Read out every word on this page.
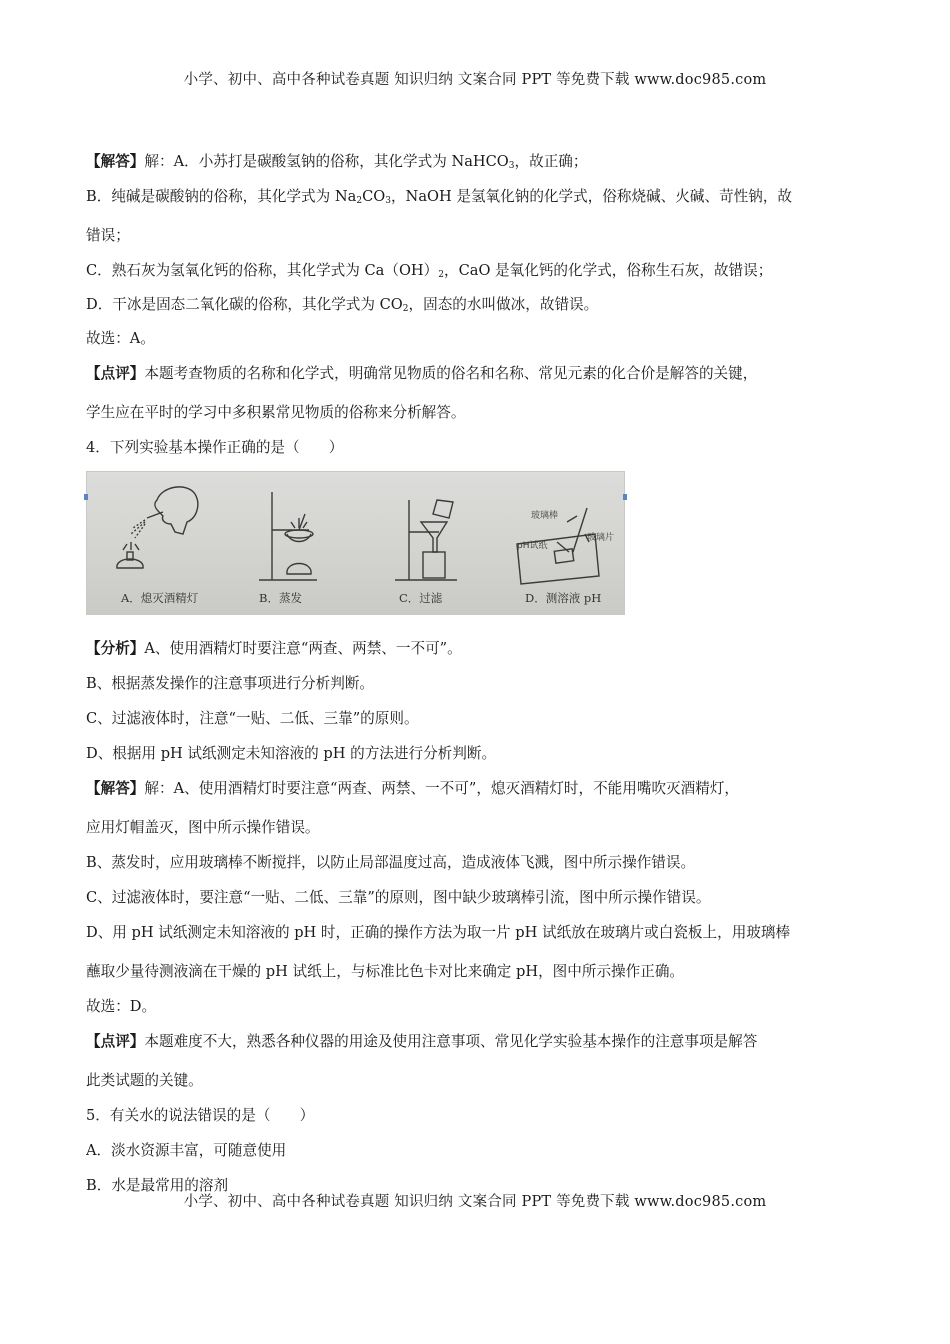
小学、初中、高中各种试卷真题 知识归纳 文案合同 PPT 等免费下载 www.doc985.com
【解答】解：A．小苏打是碳酸氢钠的俗称，其化学式为 NaHCO$_3$，故正确；
B．纯碱是碳酸钠的俗称，其化学式为 $Na_2CO_3$，NaOH 是氢氧化钠的化学式，俗称烧碱、火碱、苛性钠，故
错误；
C．熟石灰为氢氧化钙的俗称，其化学式为 $Ca(OH)_2$，CaO 是氧化钙的化学式，俗称生石灰，故错误；
D．干冰是固态二氧化碳的俗称，其化学式为 $CO_2$，固态的水叫做冰，故错误。
故选：A。
【点评】本题考查物质的名称和化学式，明确常见物质的俗名和名称、常见元素的化合价是解答的关键，
学生应在平时的学习中多积累常见物质的俗称来分析解答。
4．下列实验基本操作正确的是（　　）
玻璃棒
pH试纸
玻璃片
A．熄灭酒精灯	B．蒸发	C．过滤	D．测溶液 pH
【分析】A、使用酒精灯时要注意“两查、两禁、一不可”。
B、根据蒸发操作的注意事项进行分析判断。
C、过滤液体时，注意“一贴、二低、三靠”的原则。
D、根据用 pH 试纸测定未知溶液的 pH 的方法进行分析判断。
【解答】解：A、使用酒精灯时要注意“两查、两禁、一不可”，熄灭酒精灯时，不能用嘴吹灭酒精灯，
应用灯帽盖灭，图中所示操作错误。
B、蒸发时，应用玻璃棒不断搅拌，以防止局部温度过高，造成液体飞溅，图中所示操作错误。
C、过滤液体时，要注意“一贴、二低、三靠”的原则，图中缺少玻璃棒引流，图中所示操作错误。
D、用 pH 试纸测定未知溶液的 pH 时，正确的操作方法为取一片 pH 试纸放在玻璃片或白瓷板上，用玻璃棒
蘸取少量待测液滴在干燥的 pH 试纸上，与标准比色卡对比来确定 pH，图中所示操作正确。
故选：D。
【点评】本题难度不大，熟悉各种仪器的用途及使用注意事项、常见化学实验基本操作的注意事项是解答
此类试题的关键。
5．有关水的说法错误的是（　　）
A．淡水资源丰富，可随意使用
B．水是最常用的溶剂
小学、初中、高中各种试卷真题 知识归纳 文案合同 PPT 等免费下载 www.doc985.com
